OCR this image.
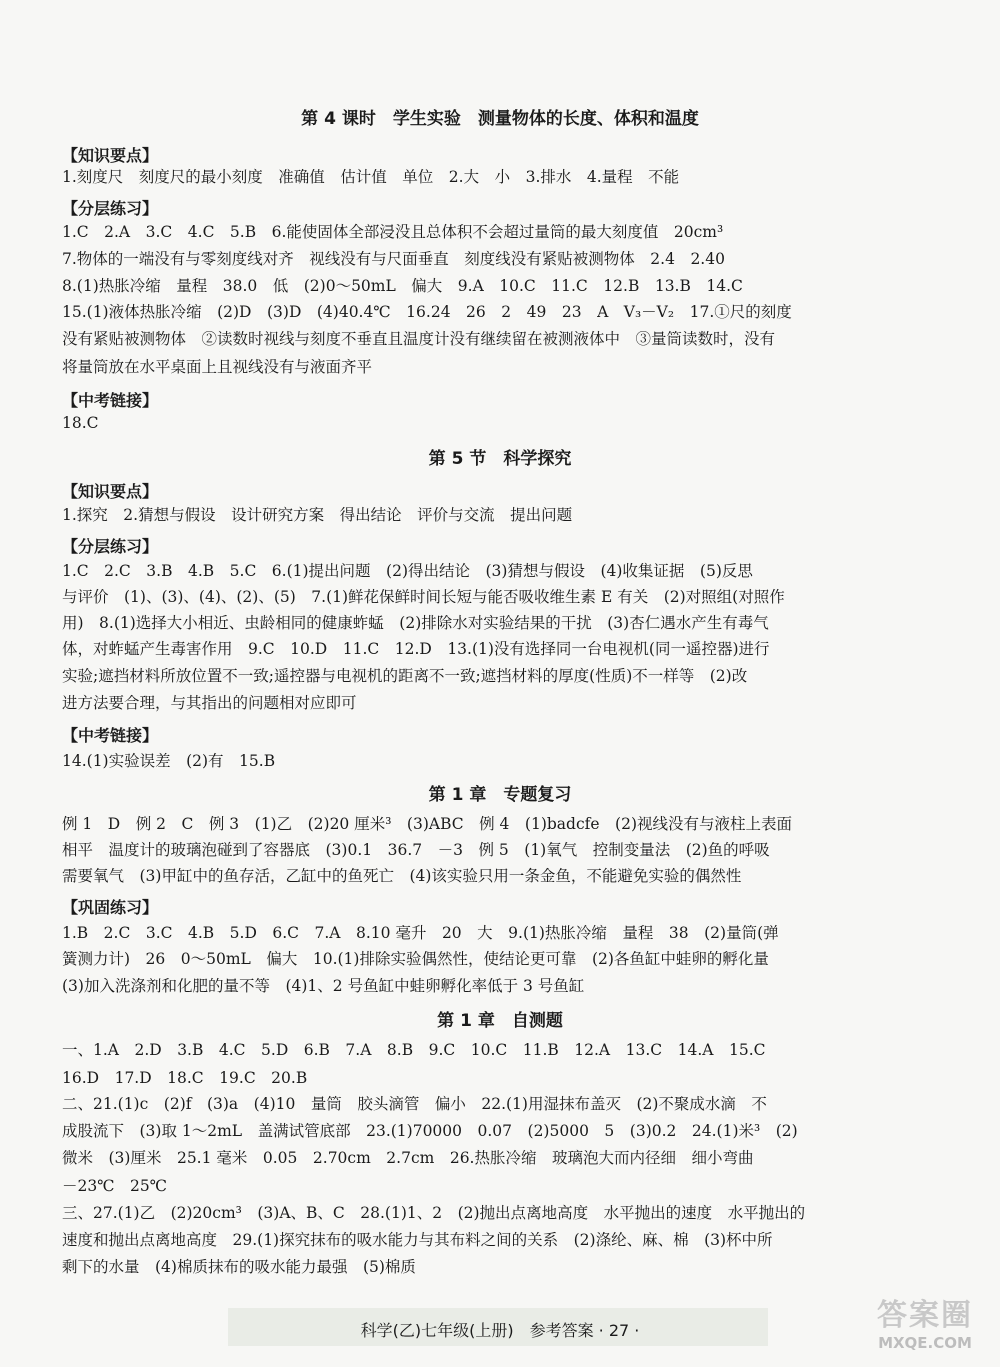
第 4 课时　学生实验　测量物体的长度、体积和温度
【知识要点】
1.刻度尺　刻度尺的最小刻度　准确值　估计值　单位　2.大　小　3.排水　4.量程　不能
【分层练习】
1.C　2.A　3.C　4.C　5.B　6.能使固体全部浸没且总体积不会超过量筒的最大刻度值　20cm³
7.物体的一端没有与零刻度线对齐　视线没有与尺面垂直　刻度线没有紧贴被测物体　2.4　2.40
8.(1)热胀冷缩　量程　38.0　低　(2)0～50mL　偏大　9.A　10.C　11.C　12.B　13.B　14.C
15.(1)液体热胀冷缩　(2)D　(3)D　(4)40.4℃　16.24　26　2　49　23　A　V₃－V₂　17.①尺的刻度
没有紧贴被测物体　②读数时视线与刻度不垂直且温度计没有继续留在被测液体中　③量筒读数时，没有
将量筒放在水平桌面上且视线没有与液面齐平
【中考链接】
18.C
第 5 节　科学探究
【知识要点】
1.探究　2.猜想与假设　设计研究方案　得出结论　评价与交流　提出问题
【分层练习】
1.C　2.C　3.B　4.B　5.C　6.(1)提出问题　(2)得出结论　(3)猜想与假设　(4)收集证据　(5)反思
与评价　(1)、(3)、(4)、(2)、(5)　7.(1)鲜花保鲜时间长短与能否吸收维生素 E 有关　(2)对照组(对照作
用)　8.(1)选择大小相近、虫龄相同的健康蚱蜢　(2)排除水对实验结果的干扰　(3)杏仁遇水产生有毒气
体，对蚱蜢产生毒害作用　9.C　10.D　11.C　12.D　13.(1)没有选择同一台电视机(同一遥控器)进行
实验;遮挡材料所放位置不一致;遥控器与电视机的距离不一致;遮挡材料的厚度(性质)不一样等　(2)改
进方法要合理，与其指出的问题相对应即可
【中考链接】
14.(1)实验误差　(2)有　15.B
第 1 章　专题复习
例 1　D　例 2　C　例 3　(1)乙　(2)20 厘米³　(3)ABC　例 4　(1)badcfe　(2)视线没有与液柱上表面
相平　温度计的玻璃泡碰到了容器底　(3)0.1　36.7　－3　例 5　(1)氧气　控制变量法　(2)鱼的呼吸
需要氧气　(3)甲缸中的鱼存活，乙缸中的鱼死亡　(4)该实验只用一条金鱼，不能避免实验的偶然性
【巩固练习】
1.B　2.C　3.C　4.B　5.D　6.C　7.A　8.10 毫升　20　大　9.(1)热胀冷缩　量程　38　(2)量筒(弹
簧测力计)　26　0～50mL　偏大　10.(1)排除实验偶然性，使结论更可靠　(2)各鱼缸中蛙卵的孵化量
(3)加入洗涤剂和化肥的量不等　(4)1、2 号鱼缸中蛙卵孵化率低于 3 号鱼缸
第 1 章　自测题
一、1.A　2.D　3.B　4.C　5.D　6.B　7.A　8.B　9.C　10.C　11.B　12.A　13.C　14.A　15.C
16.D　17.D　18.C　19.C　20.B
二、21.(1)c　(2)f　(3)a　(4)10　量筒　胶头滴管　偏小　22.(1)用湿抹布盖灭　(2)不聚成水滴　不
成股流下　(3)取 1～2mL　盖满试管底部　23.(1)70000　0.07　(2)5000　5　(3)0.2　24.(1)米³　(2)
微米　(3)厘米　25.1 毫米　0.05　2.70cm　2.7cm　26.热胀冷缩　玻璃泡大而内径细　细小弯曲
－23℃　25℃
三、27.(1)乙　(2)20cm³　(3)A、B、C　28.(1)1、2　(2)抛出点离地高度　水平抛出的速度　水平抛出的
速度和抛出点离地高度　29.(1)探究抹布的吸水能力与其布料之间的关系　(2)涤纶、麻、棉　(3)杯中所
剩下的水量　(4)棉质抹布的吸水能力最强　(5)棉质
科学(乙)七年级(上册)　参考答案 · 27 ·	答案圈
MXQE.COM
